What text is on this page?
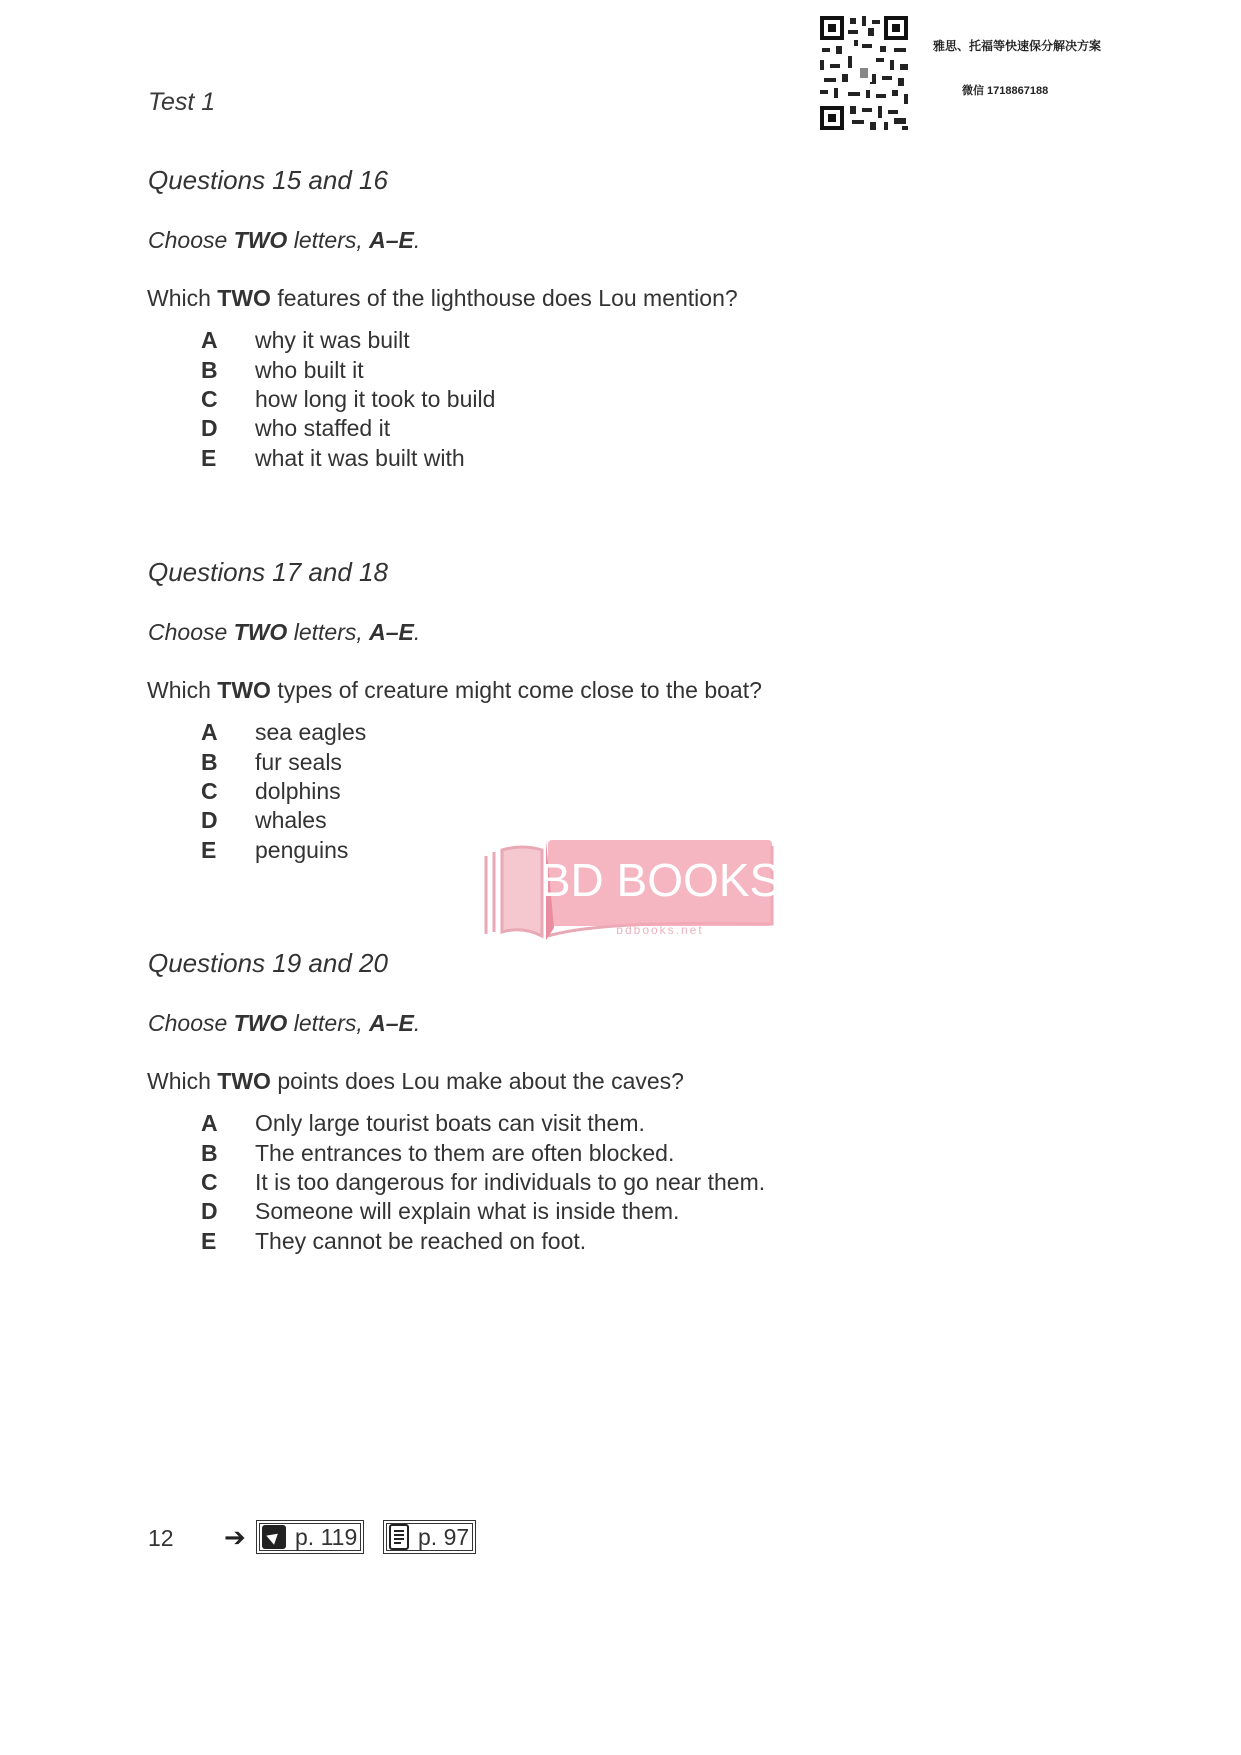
Test 1
雅思、托福等快速保分解决方案
微信 1718867188
Questions 15 and 16
Choose TWO letters, A–E.
Which TWO features of the lighthouse does Lou mention?
A	why it was built
B	who built it
C	how long it took to build
D	who staffed it
E	what it was built with
Questions 17 and 18
Choose TWO letters, A–E.
Which TWO types of creature might come close to the boat?
A	sea eagles
B	fur seals
C	dolphins
D	whales
E	penguins
BD BOOKS
bdbooks.net
Questions 19 and 20
Choose TWO letters, A–E.
Which TWO points does Lou make about the caves?
A	Only large tourist boats can visit them.
B	The entrances to them are often blocked.
C	It is too dangerous for individuals to go near them.
D	Someone will explain what is inside them.
E	They cannot be reached on foot.
12 ➔ p. 119	p. 97
